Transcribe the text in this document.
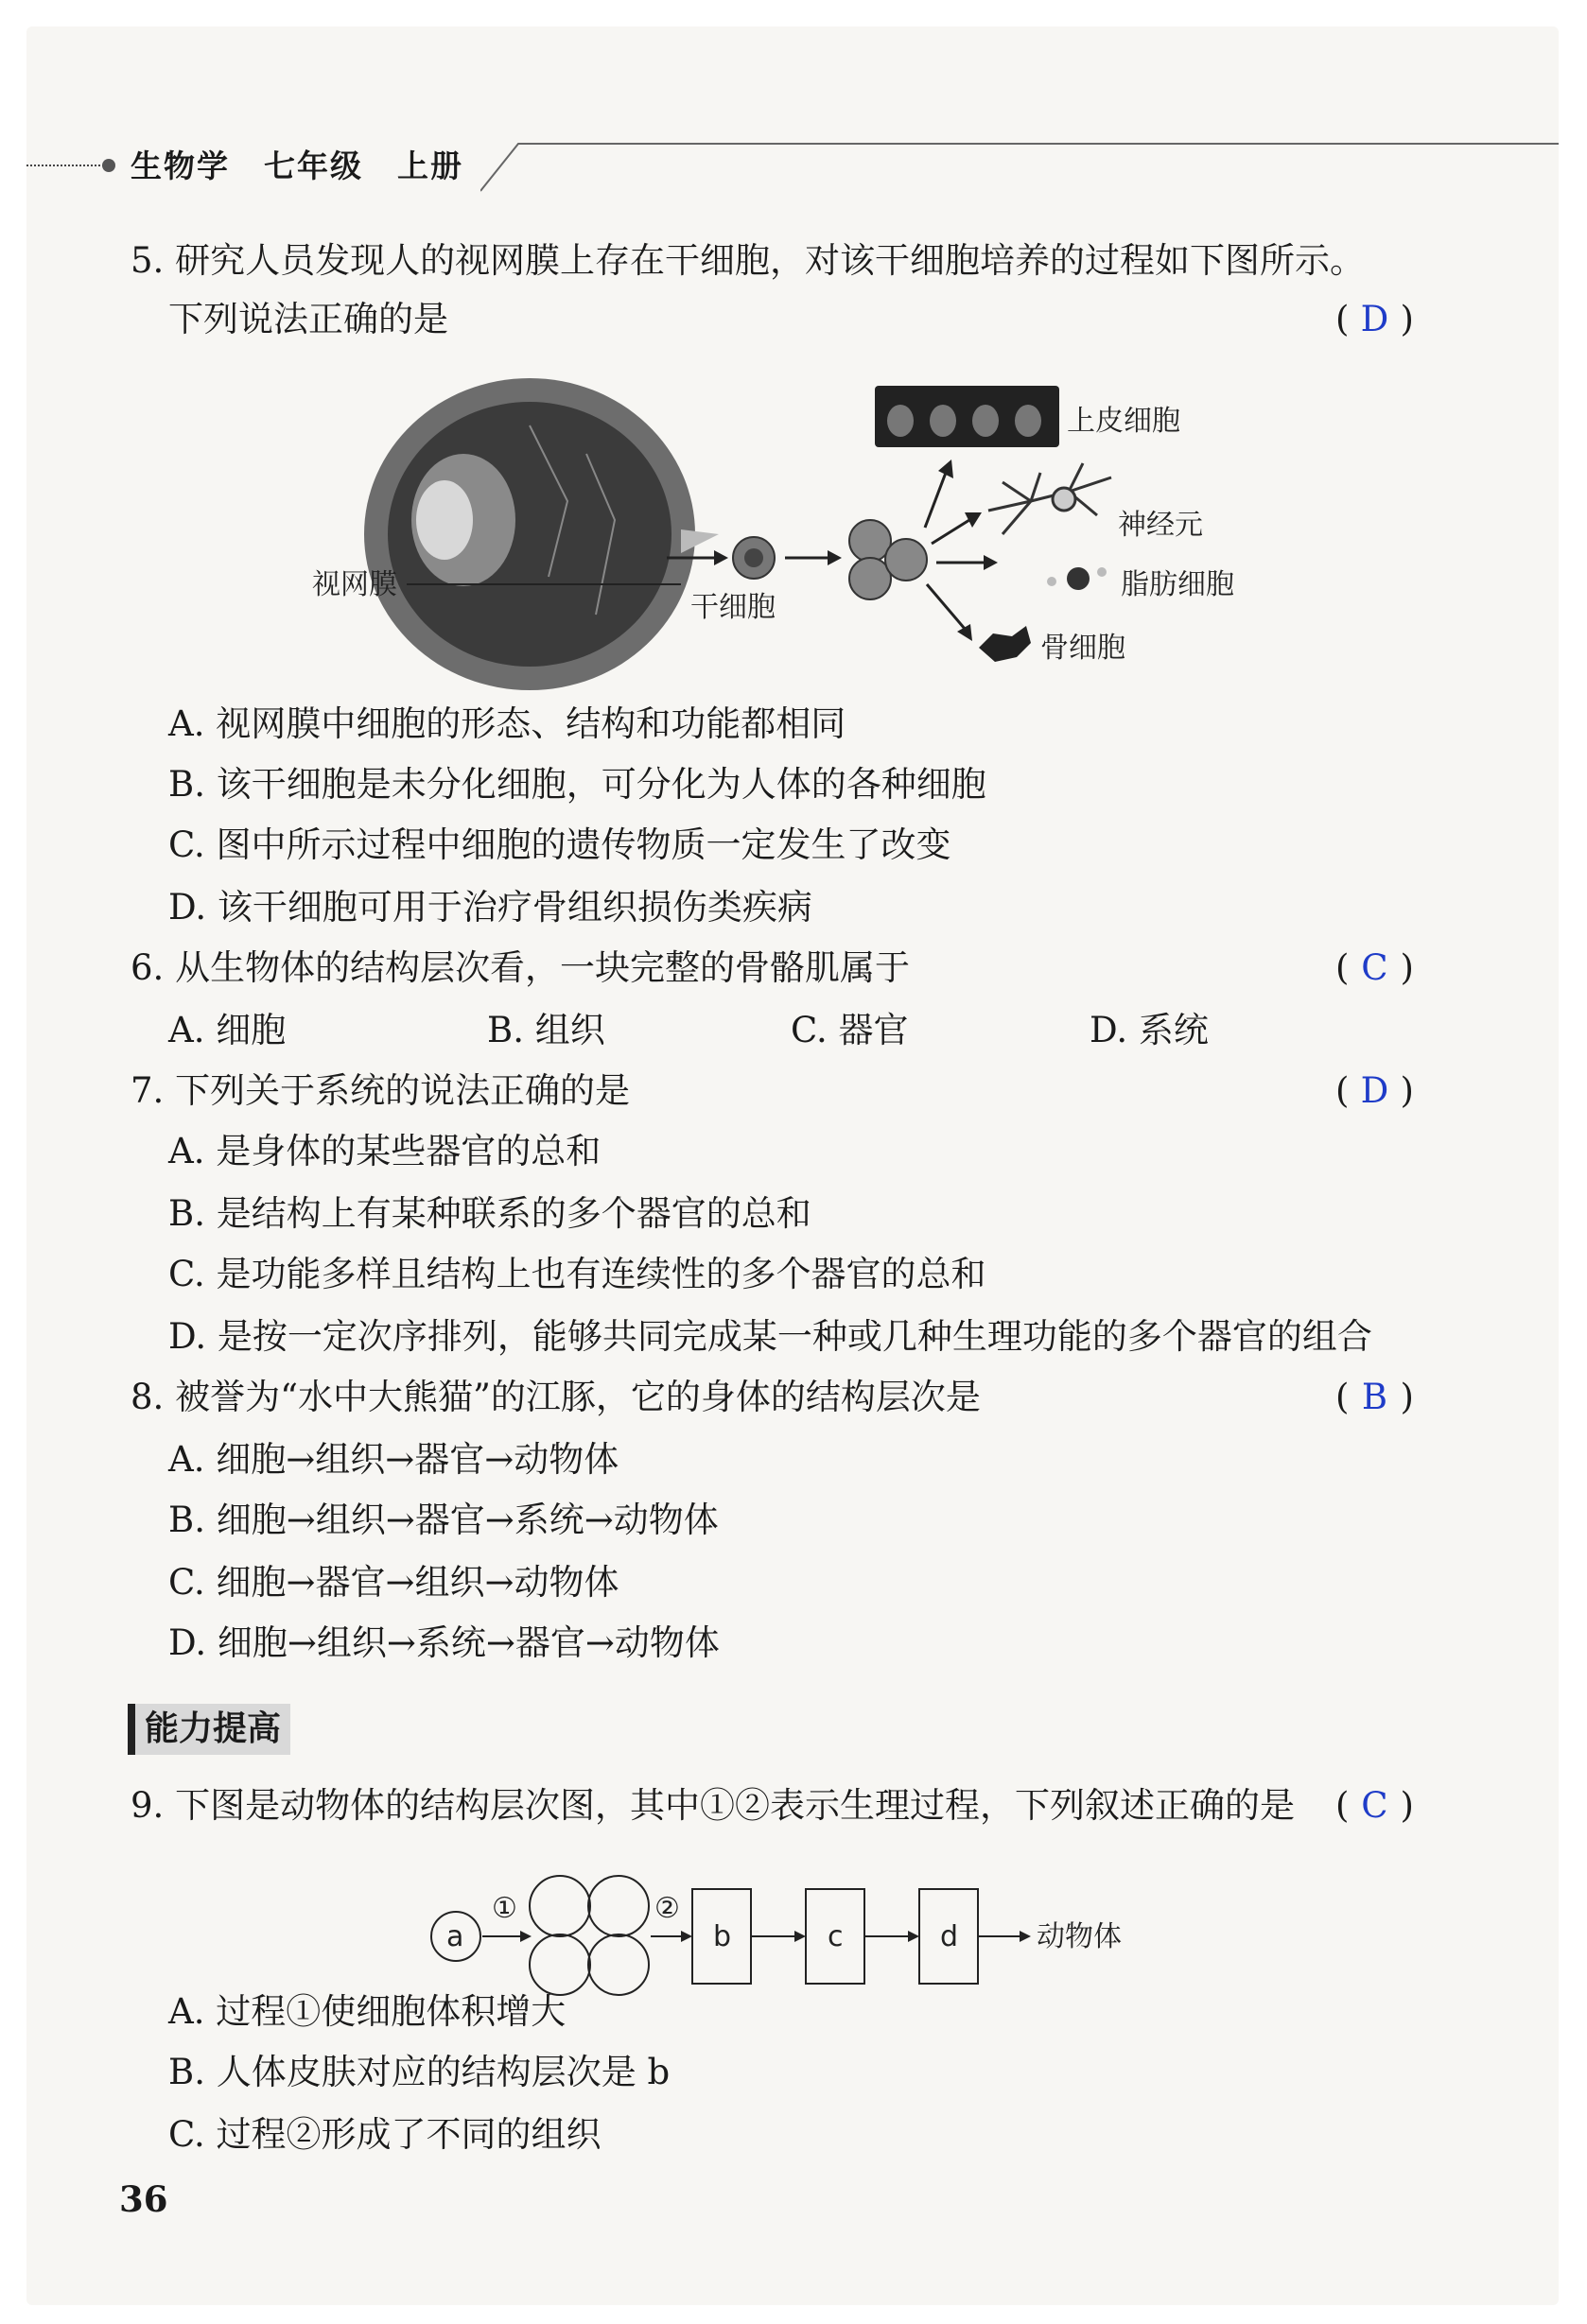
生物学 七年级 上册
5. 研究人员发现人的视网膜上存在干细胞，对该干细胞培养的过程如下图所示。
下列说法正确的是	( D )
视网膜
干细胞
上皮细胞
神经元
脂肪细胞
骨细胞
A. 视网膜中细胞的形态、结构和功能都相同
B. 该干细胞是未分化细胞，可分化为人体的各种细胞
C. 图中所示过程中细胞的遗传物质一定发生了改变
D. 该干细胞可用于治疗骨组织损伤类疾病
6. 从生物体的结构层次看，一块完整的骨骼肌属于	( C )
A. 细胞	B. 组织	C. 器官	D. 系统
7. 下列关于系统的说法正确的是	( D )
A. 是身体的某些器官的总和
B. 是结构上有某种联系的多个器官的总和
C. 是功能多样且结构上也有连续性的多个器官的总和
D. 是按一定次序排列，能够共同完成某一种或几种生理功能的多个器官的组合
8. 被誉为“水中大熊猫”的江豚，它的身体的结构层次是	( B )
A. 细胞→组织→器官→动物体
B. 细胞→组织→器官→系统→动物体
C. 细胞→器官→组织→动物体
D. 细胞→组织→系统→器官→动物体
能力提高
9. 下图是动物体的结构层次图，其中①②表示生理过程，下列叙述正确的是 ( C )
a
①	②
b	c	d	动物体
A. 过程①使细胞体积增大
B. 人体皮肤对应的结构层次是 b
C. 过程②形成了不同的组织
36
